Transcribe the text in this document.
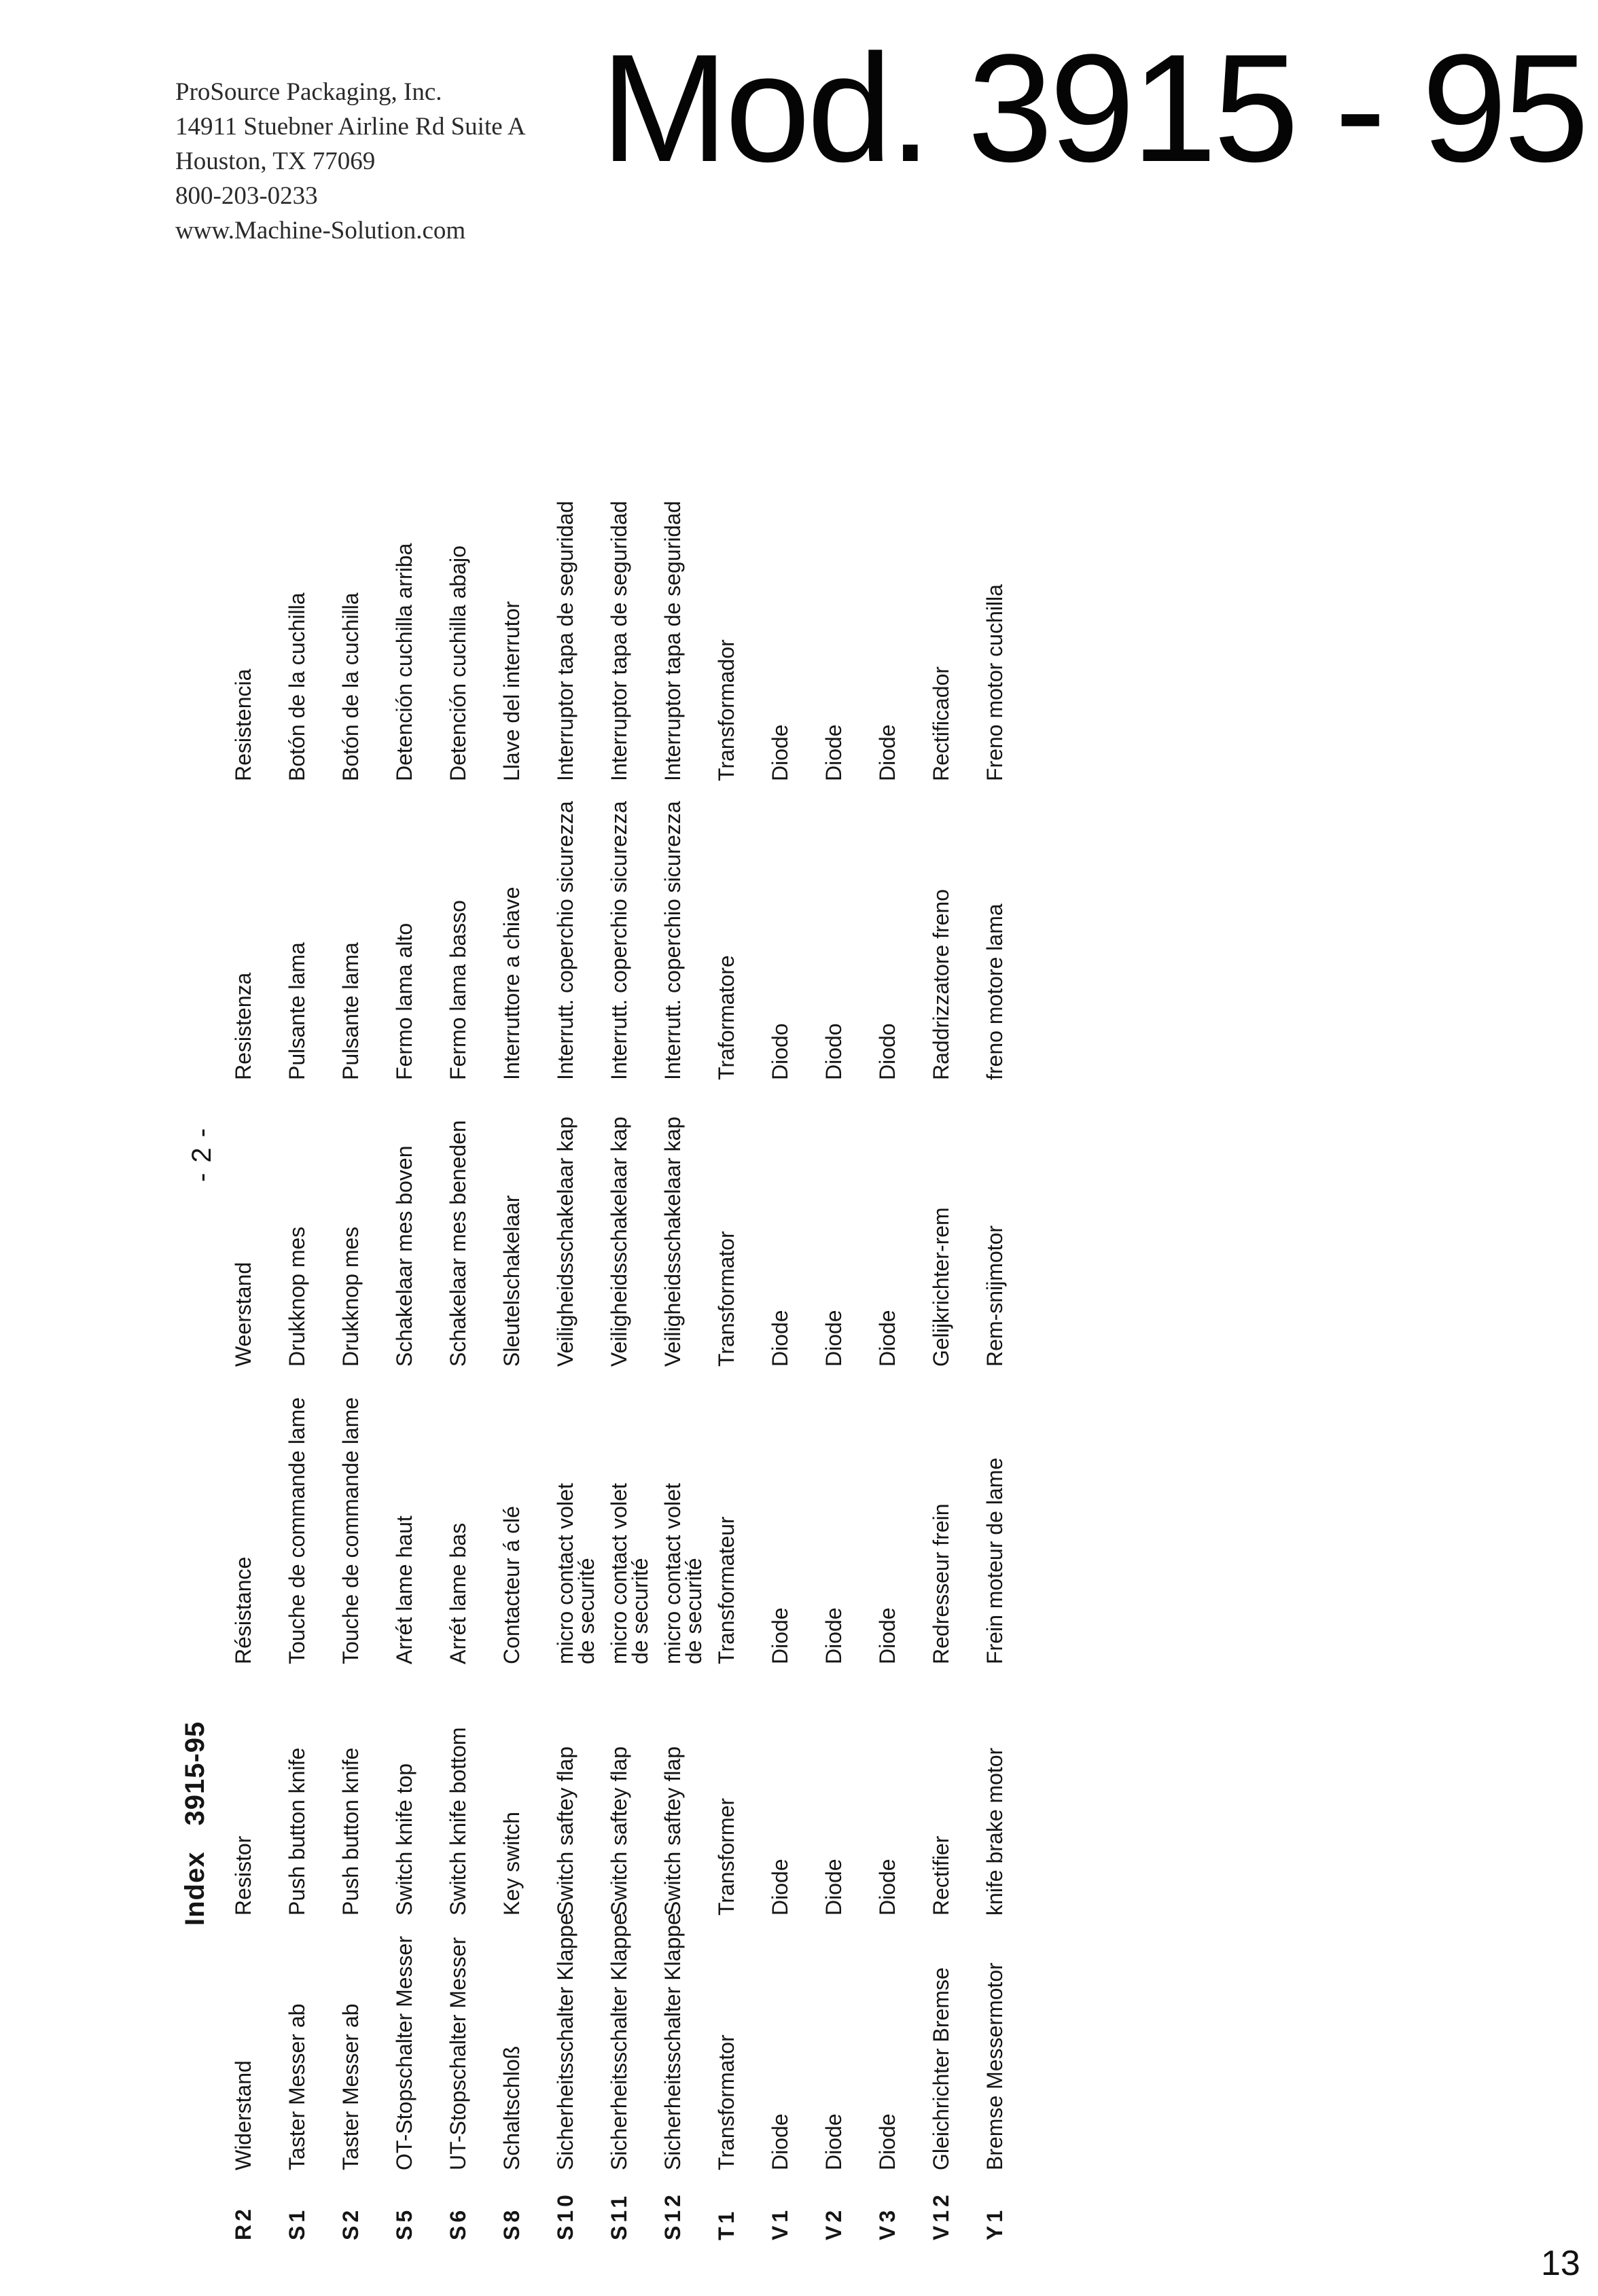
ProSource Packaging, Inc.
14911 Stuebner Airline Rd Suite A
Houston, TX 77069
800-203-0233
www.Machine-Solution.com
Mod. 3915 - 95
Index3915-95
- 2 -
R2
Widerstand
Resistor
Résistance
Weerstand
Resistenza
Resistencia
S1
Taster Messer ab
Push button knife
Touche de commande lame
Drukknop mes
Pulsante lama
Botón de la cuchilla
S2
Taster Messer ab
Push button knife
Touche de commande lame
Drukknop mes
Pulsante lama
Botón de la cuchilla
S5
OT-Stopschalter Messer
Switch knife top
Arrét lame haut
Schakelaar mes boven
Fermo lama alto
Detención cuchilla arriba
S6
UT-Stopschalter Messer
Switch knife bottom
Arrét lame bas
Schakelaar mes beneden
Fermo lama basso
Detención cuchilla abajo
S8
Schaltschloß
Key switch
Contacteur á clé
Sleutelschakelaar
Interruttore a chiave
Llave del interrutor
S10
Sicherheitsschalter Klappe
Switch saftey flap
micro contact volet
de securité
Veiligheidsschakelaar kap
Interrutt. coperchio sicurezza
Interruptor tapa de seguridad
S11
Sicherheitsschalter Klappe
Switch saftey flap
micro contact volet
de securité
Veiligheidsschakelaar kap
Interrutt. coperchio sicurezza
Interruptor tapa de seguridad
S12
Sicherheitsschalter Klappe
Switch saftey flap
micro contact volet
de securité
Veiligheidsschakelaar kap
Interrutt. coperchio sicurezza
Interruptor tapa de seguridad
T1
Transformator
Transformer
Transformateur
Transformator
Traformatore
Transformador
V1
Diode
Diode
Diode
Diode
Diodo
Diode
V2
Diode
Diode
Diode
Diode
Diodo
Diode
V3
Diode
Diode
Diode
Diode
Diodo
Diode
V12
Gleichrichter Bremse
Rectifier
Redresseur frein
Gelijkrichter-rem
Raddrizzatore freno
Rectificador
Y1
Bremse Messermotor
knife brake motor
Frein moteur de lame
Rem-snijmotor
freno motore lama
Freno motor cuchilla
13
